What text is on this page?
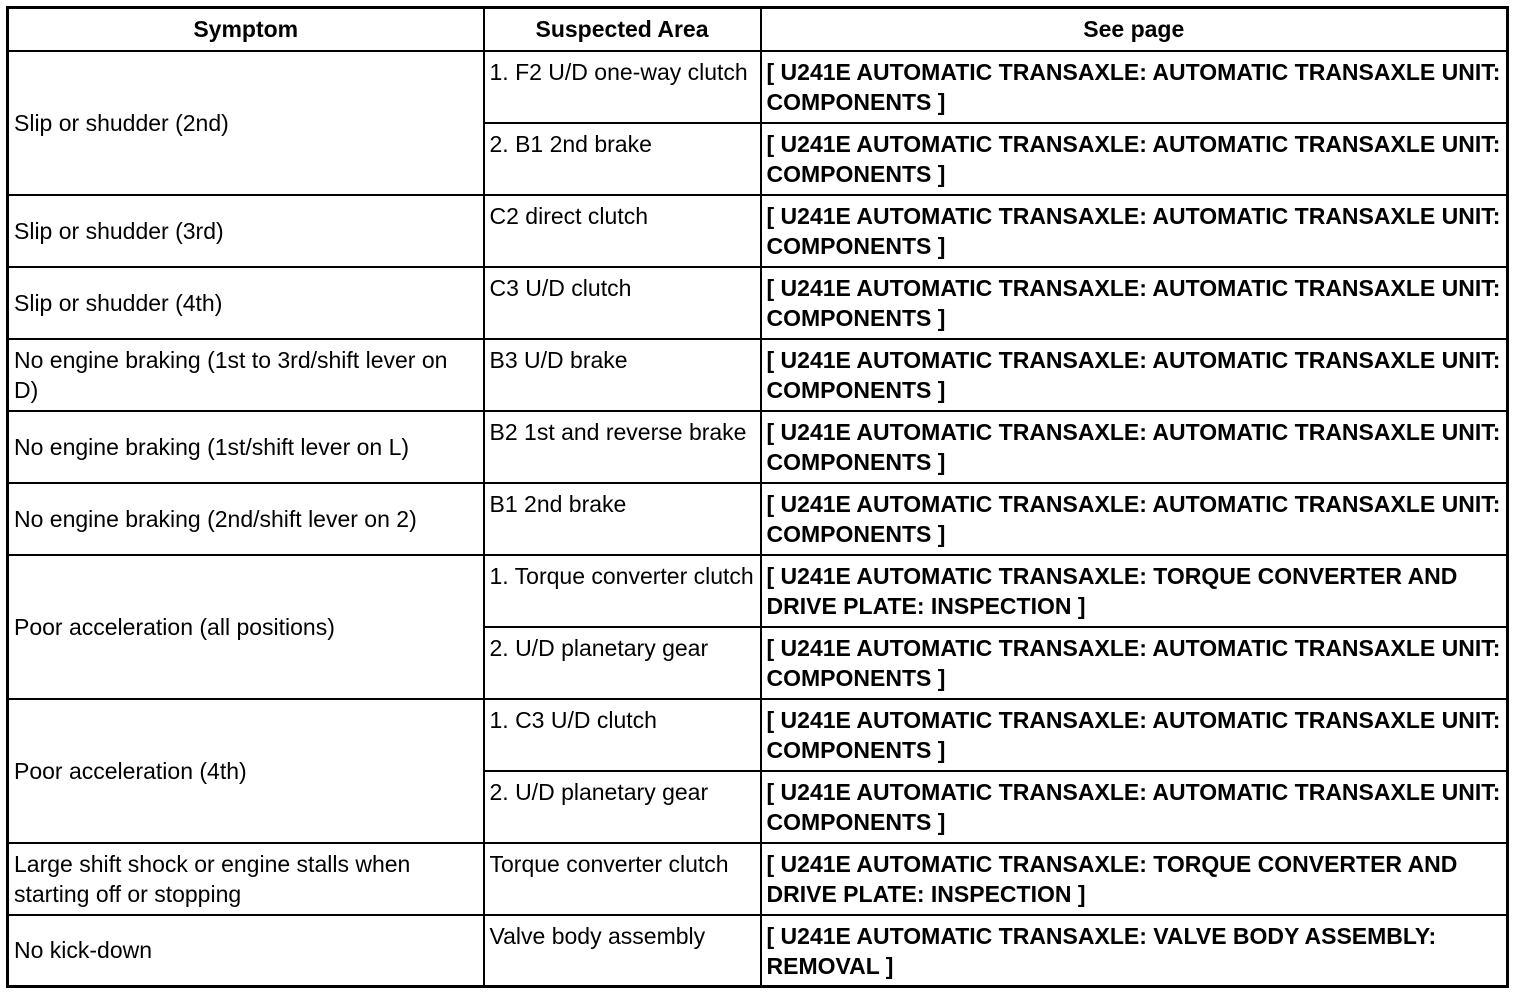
Symptom	Suspected Area	See page
Slip or shudder (2nd)	1. F2 U/D one-way clutch	[ U241E AUTOMATIC TRANSAXLE: AUTOMATIC TRANSAXLE UNIT: COMPONENTS ]
	2. B1 2nd brake	[ U241E AUTOMATIC TRANSAXLE: AUTOMATIC TRANSAXLE UNIT: COMPONENTS ]
Slip or shudder (3rd)	C2 direct clutch	[ U241E AUTOMATIC TRANSAXLE: AUTOMATIC TRANSAXLE UNIT: COMPONENTS ]
Slip or shudder (4th)	C3 U/D clutch	[ U241E AUTOMATIC TRANSAXLE: AUTOMATIC TRANSAXLE UNIT: COMPONENTS ]
No engine braking (1st to 3rd/shift lever on D)	B3 U/D brake	[ U241E AUTOMATIC TRANSAXLE: AUTOMATIC TRANSAXLE UNIT: COMPONENTS ]
No engine braking (1st/shift lever on L)	B2 1st and reverse brake	[ U241E AUTOMATIC TRANSAXLE: AUTOMATIC TRANSAXLE UNIT: COMPONENTS ]
No engine braking (2nd/shift lever on 2)	B1 2nd brake	[ U241E AUTOMATIC TRANSAXLE: AUTOMATIC TRANSAXLE UNIT: COMPONENTS ]
Poor acceleration (all positions)	1. Torque converter clutch	[ U241E AUTOMATIC TRANSAXLE: TORQUE CONVERTER AND DRIVE PLATE: INSPECTION ]
	2. U/D planetary gear	[ U241E AUTOMATIC TRANSAXLE: AUTOMATIC TRANSAXLE UNIT: COMPONENTS ]
Poor acceleration (4th)	1. C3 U/D clutch	[ U241E AUTOMATIC TRANSAXLE: AUTOMATIC TRANSAXLE UNIT: COMPONENTS ]
	2. U/D planetary gear	[ U241E AUTOMATIC TRANSAXLE: AUTOMATIC TRANSAXLE UNIT: COMPONENTS ]
Large shift shock or engine stalls when starting off or stopping	Torque converter clutch	[ U241E AUTOMATIC TRANSAXLE: TORQUE CONVERTER AND DRIVE PLATE: INSPECTION ]
No kick-down	Valve body assembly	[ U241E AUTOMATIC TRANSAXLE: VALVE BODY ASSEMBLY: REMOVAL ]
